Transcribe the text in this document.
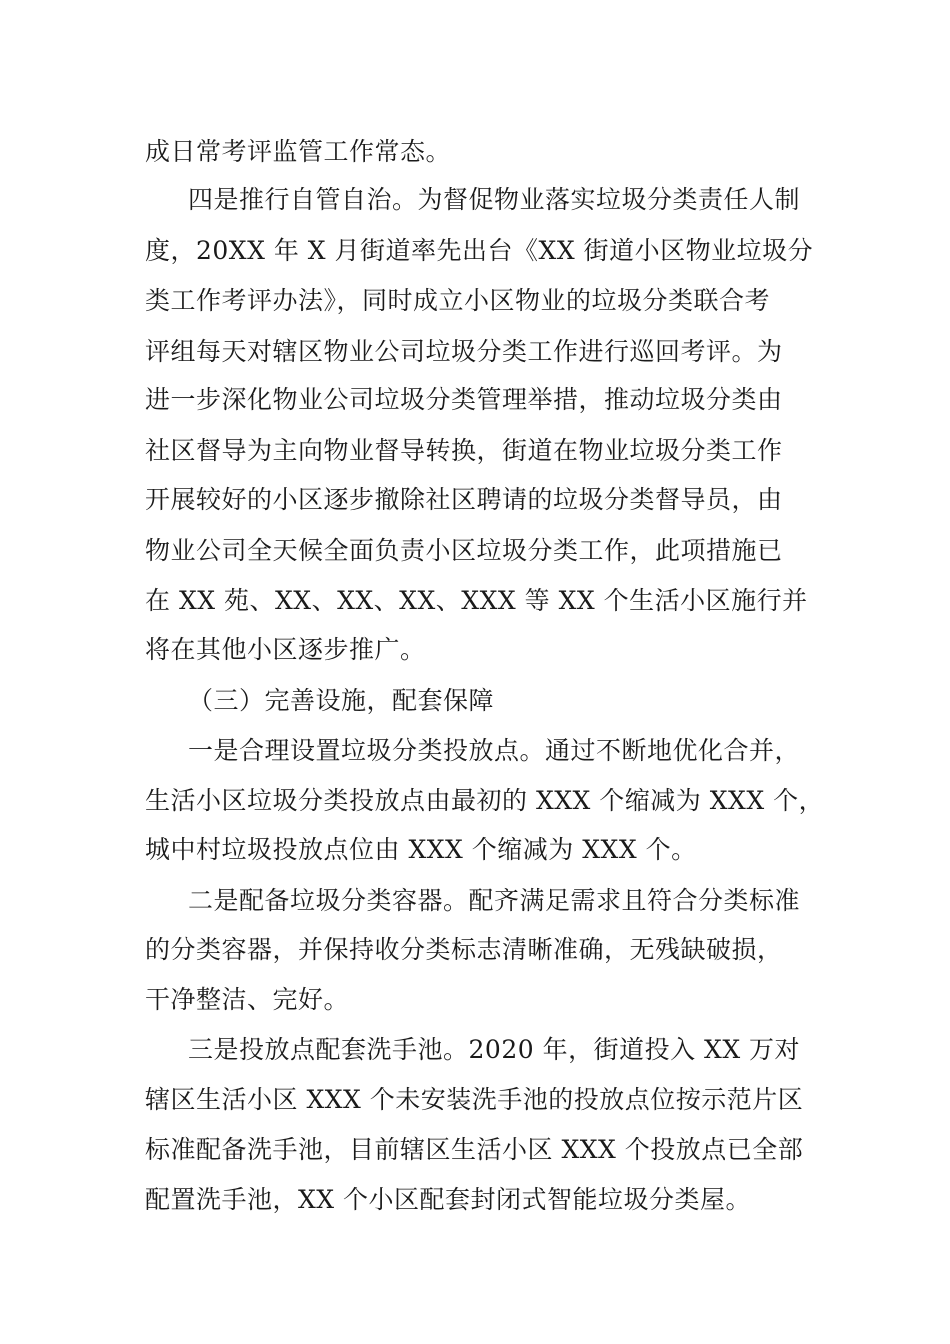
成日常考评监管工作常态。
四是推行自管自治。为督促物业落实垃圾分类责任人制
度，20XX 年 X 月街道率先出台《XX 街道小区物业垃圾分
类工作考评办法》，同时成立小区物业的垃圾分类联合考
评组每天对辖区物业公司垃圾分类工作进行巡回考评。为
进一步深化物业公司垃圾分类管理举措，推动垃圾分类由
社区督导为主向物业督导转换，街道在物业垃圾分类工作
开展较好的小区逐步撤除社区聘请的垃圾分类督导员，由
物业公司全天候全面负责小区垃圾分类工作，此项措施已
在 XX 苑、XX、XX、XX、XXX 等 XX 个生活小区施行并
将在其他小区逐步推广。
（三）完善设施，配套保障
一是合理设置垃圾分类投放点。通过不断地优化合并，
生活小区垃圾分类投放点由最初的 XXX 个缩减为 XXX 个，
城中村垃圾投放点位由 XXX 个缩减为 XXX 个。
二是配备垃圾分类容器。配齐满足需求且符合分类标准
的分类容器，并保持收分类标志清晰准确，无残缺破损，
干净整洁、完好。
三是投放点配套洗手池。2020 年，街道投入 XX 万对
辖区生活小区 XXX 个未安装洗手池的投放点位按示范片区
标准配备洗手池，目前辖区生活小区 XXX 个投放点已全部
配置洗手池，XX 个小区配套封闭式智能垃圾分类屋。
